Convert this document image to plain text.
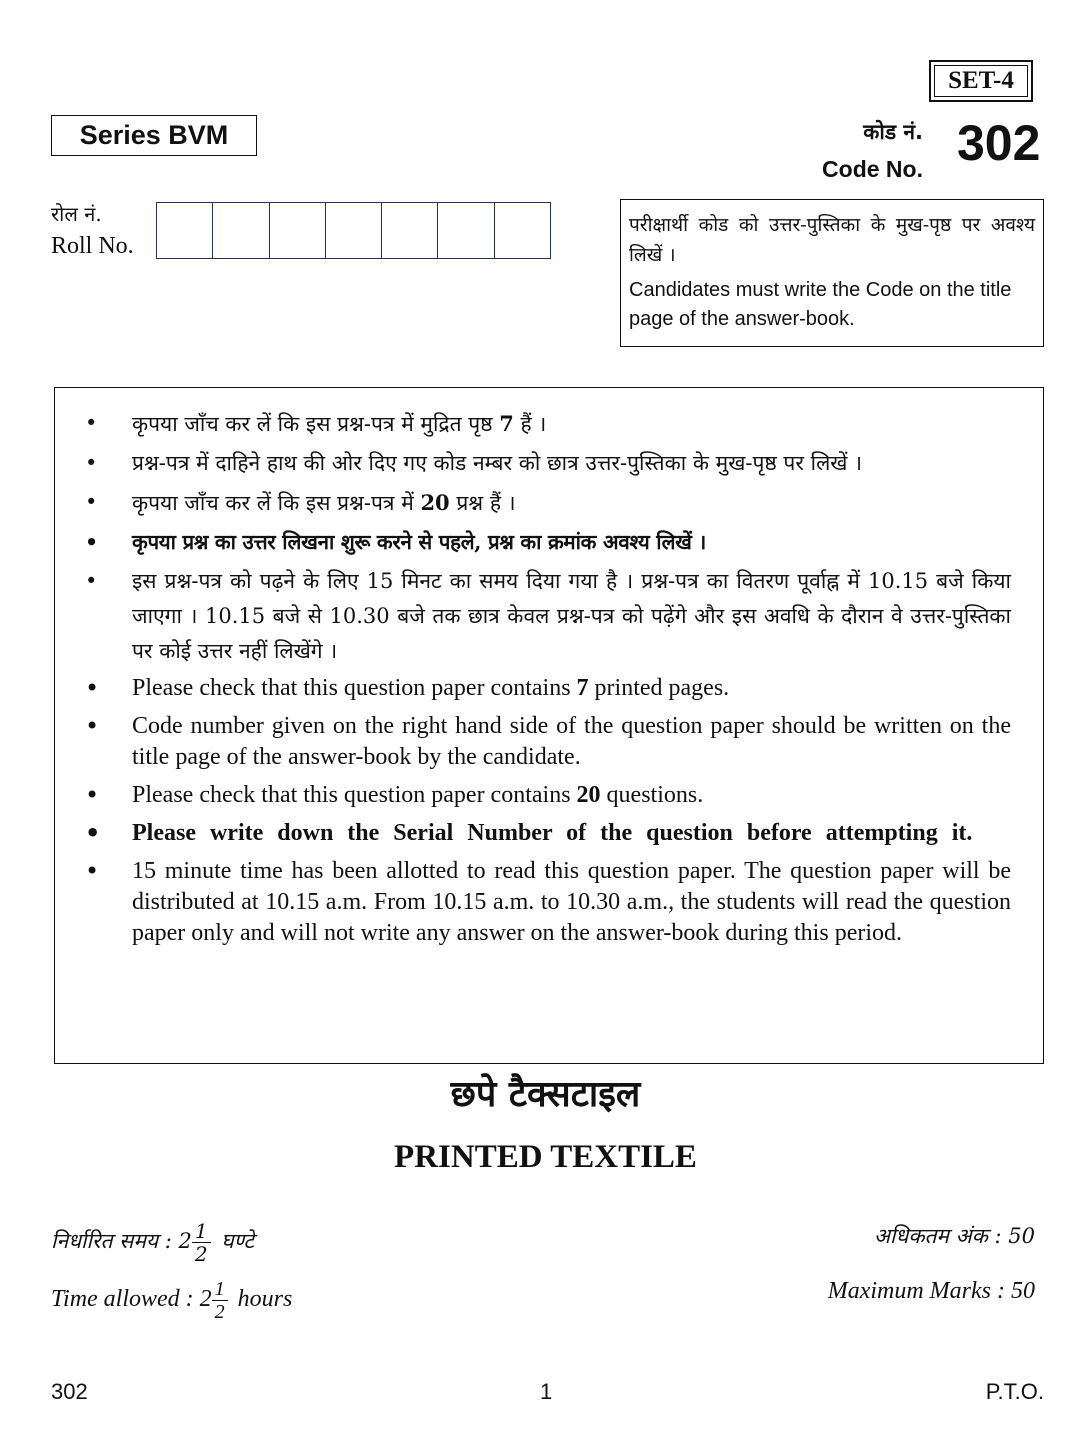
SET-4
Series BVM	कोड नं.
Code No. 302
रोल नं.
Roll No.
परीक्षार्थी कोड को उत्तर-पुस्तिका के मुख-पृष्ठ पर अवश्य लिखें ।
Candidates must write the Code on the title page of the answer-book.
• कृपया जाँच कर लें कि इस प्रश्न-पत्र में मुद्रित पृष्ठ 7 हैं ।
• प्रश्न-पत्र में दाहिने हाथ की ओर दिए गए कोड नम्बर को छात्र उत्तर-पुस्तिका के मुख-पृष्ठ पर लिखें ।
• कृपया जाँच कर लें कि इस प्रश्न-पत्र में 20 प्रश्न हैं ।
• कृपया प्रश्न का उत्तर लिखना शुरू करने से पहले, प्रश्न का क्रमांक अवश्य लिखें ।
• इस प्रश्न-पत्र को पढ़ने के लिए 15 मिनट का समय दिया गया है । प्रश्न-पत्र का वितरण पूर्वाह्न में 10.15 बजे किया जाएगा । 10.15 बजे से 10.30 बजे तक छात्र केवल प्रश्न-पत्र को पढ़ेंगे और इस अवधि के दौरान वे उत्तर-पुस्तिका पर कोई उत्तर नहीं लिखेंगे ।
• Please check that this question paper contains 7 printed pages.
• Code number given on the right hand side of the question paper should be written on the title page of the answer-book by the candidate.
• Please check that this question paper contains 20 questions.
• Please write down the Serial Number of the question before attempting it.
• 15 minute time has been allotted to read this question paper. The question paper will be distributed at 10.15 a.m. From 10.15 a.m. to 10.30 a.m., the students will read the question paper only and will not write any answer on the answer-book during this period.
छपे टैक्सटाइल
PRINTED TEXTILE
निर्धारित समय : $2 \frac{1}{2}$ घण्टे
Time allowed : $2 \frac{1}{2}$ hours
अधिकतम अंक : 50
Maximum Marks : 50
302	1	P.T.O.
